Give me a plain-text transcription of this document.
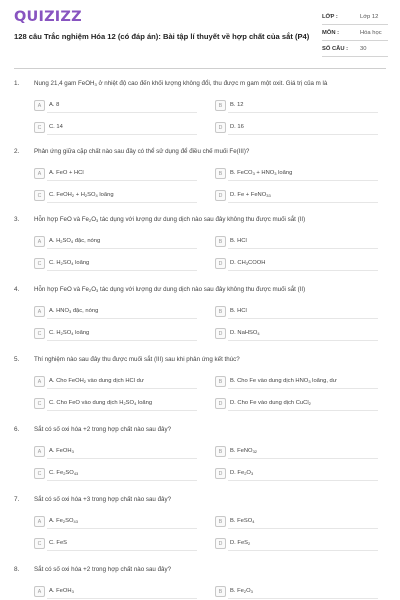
QUIZIZZ
128 câu Trắc nghiệm Hóa 12 (có đáp án): Bài tập lí thuyết về hợp chất của sắt (P4)
LỚP :	Lớp 12
MÔN :	Hóa học
SỐ CÂU : 30
1. Nung 21,4 gam FeOH$_3$ ở nhiệt độ cao đến khối lượng không đổi, thu được m gam một oxit. Giá trị của m là
A	A. 8	B	B. 12
C	C. 14	D	D. 16
2. Phản ứng giữa cặp chất nào sau đây có thể sử dụng để điều chế muối Fe(III)?
A	A. FeO + HCl	B	B. FeCO$_3$ + $HNO_3$ loãng
C	C. FeOH$_2$ + $H_2SO_4$ loãng	D	D. Fe + FeNO$_{33}$
3. Hỗn hợp FeO và $Fe_2O_3$ tác dụng với lượng dư dung dịch nào sau đây không thu được muối sắt (II)
A	A. $H_2SO_4$ đặc, nóng	B	B. HCl
C	C. $H_2SO_4$ loãng	D	D. $CH_3COOH$
4. Hỗn hợp FeO và $Fe_2O_3$ tác dụng với lượng dư dung dịch nào sau đây không thu được muối sắt (II)
A	A. $HNO_3$ đặc, nóng	B	B. HCl
C	C. $H_2SO_4$ loãng	D	D. NaHSO$_4$
5. Thí nghiệm nào sau đây thu được muối sắt (III) sau khi phản ứng kết thúc?
A	A. Cho FeOH$_2$ vào dung dịch HCl dư	B	B. Cho Fe vào dung dịch $HNO_3$ loãng, dư
C	C. Cho FeO vào dung dịch $H_2SO_4$ loãng	D	D. Cho Fe vào dung dịch CuCl$_2$
6. Sắt có số oxi hóa +2 trong hợp chất nào sau đây?
A	A. FeOH$_3$	B	B. FeNO$_{32}$
C	C. $Fe_2SO_{43}$	D	D. $Fe_2O_3$
7. Sắt có số oxi hóa +3 trong hợp chất nào sau đây?
A	A. $Fe_2SO_{43}$	B	B. FeSO$_4$
C	C. FeS	D	D. FeS$_2$
8. Sắt có số oxi hóa +2 trong hợp chất nào sau đây?
A	A. FeOH$_3$	B	B. $Fe_2O_3$
